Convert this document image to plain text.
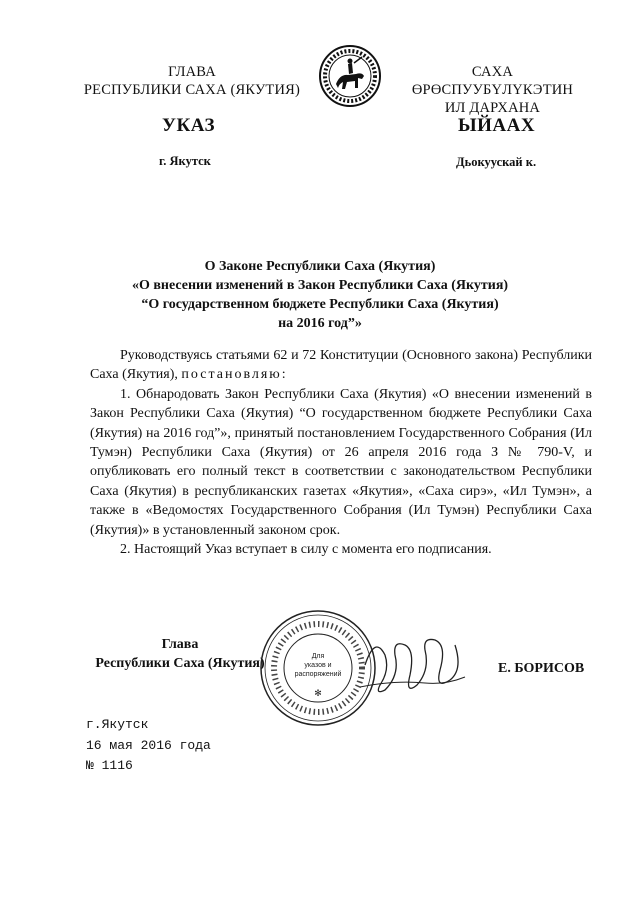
ГЛАВА
РЕСПУБЛИКИ САХА (ЯКУТИЯ)
САХА ӨРӨСПУУБҮЛҮКЭТИН
ИЛ ДАРХАНА
УКАЗ	ЫЙААХ
г. Якутск	Дьокуускай к.
О Законе Республики Саха (Якутия)
«О внесении изменений в Закон Республики Саха (Якутия)
“О государственном бюджете Республики Саха (Якутия)
на 2016 год”»

Руководствуясь статьями 62 и 72 Конституции (Основного закона) Республики Саха (Якутия), постановляю:

1. Обнародовать Закон Республики Саха (Якутия) «О внесении изменений в Закон Республики Саха (Якутия) “О государственном бюджете Республики Саха (Якутия) на 2016 год”», принятый постановлением Государственного Собрания (Ил Тумэн) Республики Саха (Якутия) от 26 апреля 2016 года З № 790-V, и опубликовать его полный текст в соответствии с законодательством Республики Саха (Якутия) в республиканских газетах «Якутия», «Саха сирэ», «Ил Тумэн», а также в «Ведомостях Государственного Собрания (Ил Тумэн) Республики Саха (Якутия)» в установленный законом срок.

2. Настоящий Указ вступает в силу с момента его подписания.

Глава
Республики Саха (Якутия)	Для
указов и
распоряжений
✻
Е. БОРИСОВ
г.Якутск
16 мая 2016 года
№ 1116
